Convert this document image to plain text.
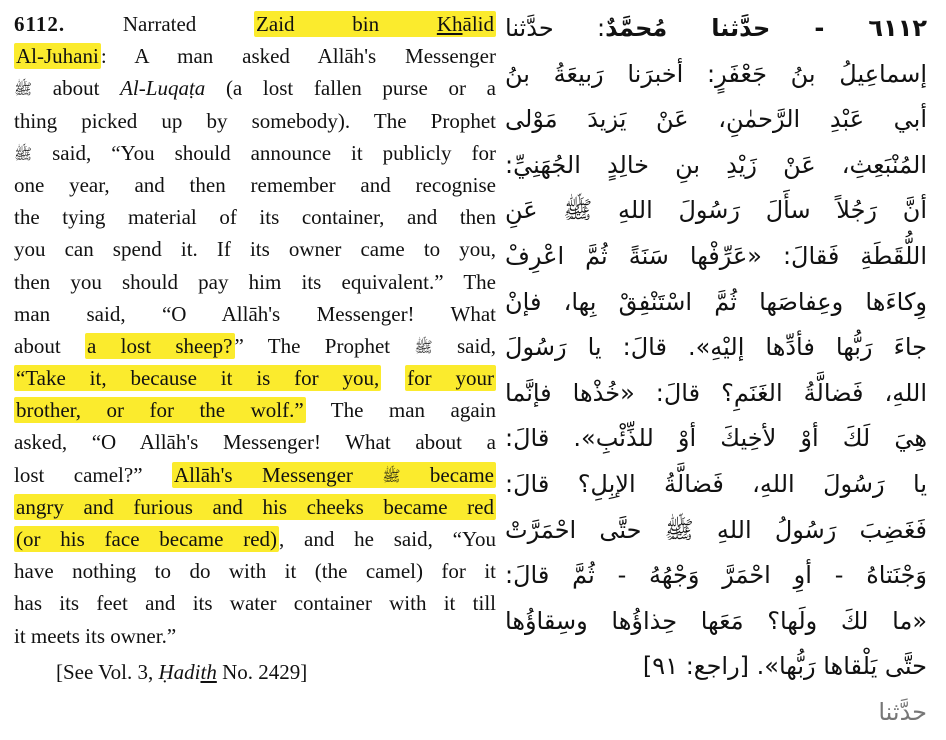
6112.	Narrated	Zaid bin Khālid
Al-Juhani: A man asked Allāh's Messenger
ﷺ about Al-Luqaṭa (a lost fallen purse or a
thing picked up by somebody). The Prophet
ﷺ said, “You should announce it publicly for
one year, and then remember and recognise
the tying material of its container, and then
you can spend it. If its owner came to you,
then you should pay him its equivalent.” The
man said, “O Allāh's Messenger! What
about a lost sheep?” The Prophet ﷺ said,
“Take it, because it is for you, for your
brother, or for the wolf.” The man again
asked, “O Allāh's Messenger! What about a
lost camel?” Allāh's Messenger ﷺ became
angry and furious and his cheeks became red
(or his face became red), and he said, “You
have nothing to do with it (the camel) for it
has its feet and its water container with it till
it meets its owner.”
[See Vol. 3, Ḥadith No. 2429]
٦١١٢ - حدَّثنا مُحمَّدٌ: حدَّثنا
إسماعِيلُ بنُ جَعْفَرٍ: أخبرَنا رَبيعَةُ بنُ
أبي عَبْدِ الرَّحمٰنِ، عَنْ يَزيدَ مَوْلى
المُنْبَعِثِ، عَنْ زَيْدِ بنِ خالِدٍ الجُهَنِيِّ:
أنَّ رَجُلاً سأَلَ رَسُولَ اللهِ ﷺ عَنِ
اللُّقَطَةِ فَقالَ: «عَرِّفْها سَنَةً ثُمَّ اعْرِفْ
وِكاءَها وعِفاصَها ثُمَّ اسْتَنْفِقْ بِها، فإنْ
جاءَ رَبُّها فأدِّها إليْهِ». قالَ: يا رَسُولَ
اللهِ، فَضالَّةُ الغَنَمِ؟ قالَ: «خُذْها فإنَّما
هِيَ لَكَ أوْ لأخِيكَ أوْ للذِّئْبِ». قالَ:
يا رَسُولَ اللهِ، فَضالَّةُ الإبِلِ؟ قالَ:
فَغَضِبَ رَسُولُ اللهِ ﷺ حتَّى احْمَرَّتْ
وَجْنَتاهُ - أوِ احْمَرَّ وَجْهُهُ - ثُمَّ قالَ:
«ما لكَ ولَها؟ مَعَها حِذاؤُها وسِقاؤُها
حتَّى يَلْقاها رَبُّها». [راجع: ٩١]
حدَّثنا
